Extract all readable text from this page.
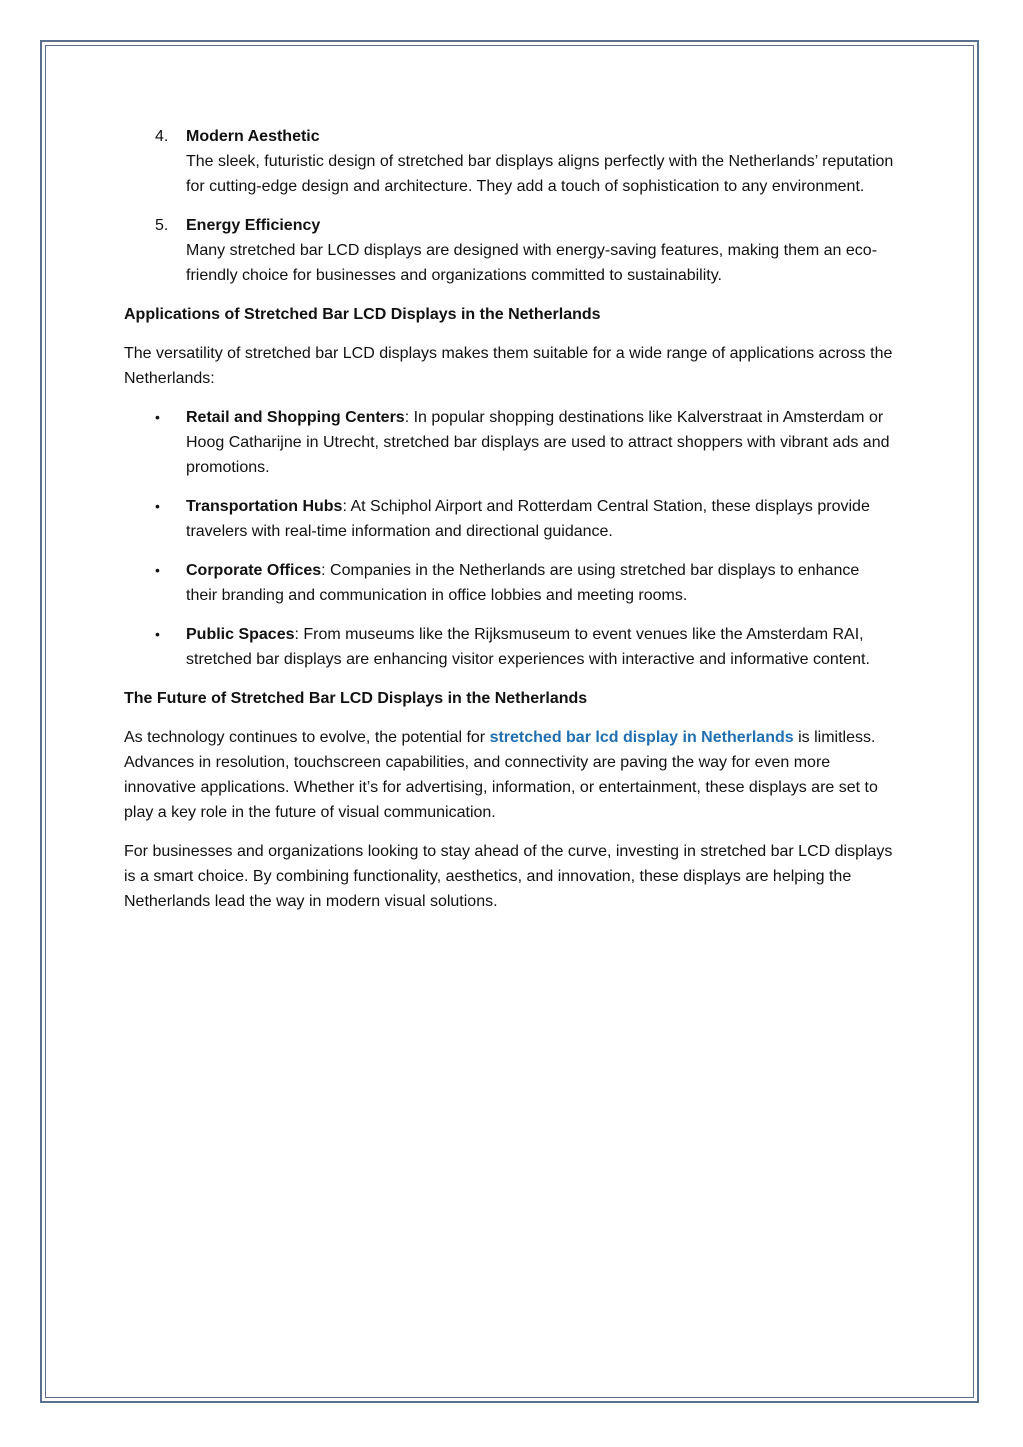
4. Modern Aesthetic
The sleek, futuristic design of stretched bar displays aligns perfectly with the Netherlands’ reputation for cutting-edge design and architecture. They add a touch of sophistication to any environment.
5. Energy Efficiency
Many stretched bar LCD displays are designed with energy-saving features, making them an eco-friendly choice for businesses and organizations committed to sustainability.
Applications of Stretched Bar LCD Displays in the Netherlands

The versatility of stretched bar LCD displays makes them suitable for a wide range of applications across the Netherlands:

• Retail and Shopping Centers: In popular shopping destinations like Kalverstraat in Amsterdam or Hoog Catharijne in Utrecht, stretched bar displays are used to attract shoppers with vibrant ads and promotions.
• Transportation Hubs: At Schiphol Airport and Rotterdam Central Station, these displays provide travelers with real-time information and directional guidance.
• Corporate Offices: Companies in the Netherlands are using stretched bar displays to enhance their branding and communication in office lobbies and meeting rooms.
• Public Spaces: From museums like the Rijksmuseum to event venues like the Amsterdam RAI, stretched bar displays are enhancing visitor experiences with interactive and informative content.
The Future of Stretched Bar LCD Displays in the Netherlands

As technology continues to evolve, the potential for stretched bar lcd display in Netherlands is limitless. Advances in resolution, touchscreen capabilities, and connectivity are paving the way for even more innovative applications. Whether it’s for advertising, information, or entertainment, these displays are set to play a key role in the future of visual communication.

For businesses and organizations looking to stay ahead of the curve, investing in stretched bar LCD displays is a smart choice. By combining functionality, aesthetics, and innovation, these displays are helping the Netherlands lead the way in modern visual solutions.
